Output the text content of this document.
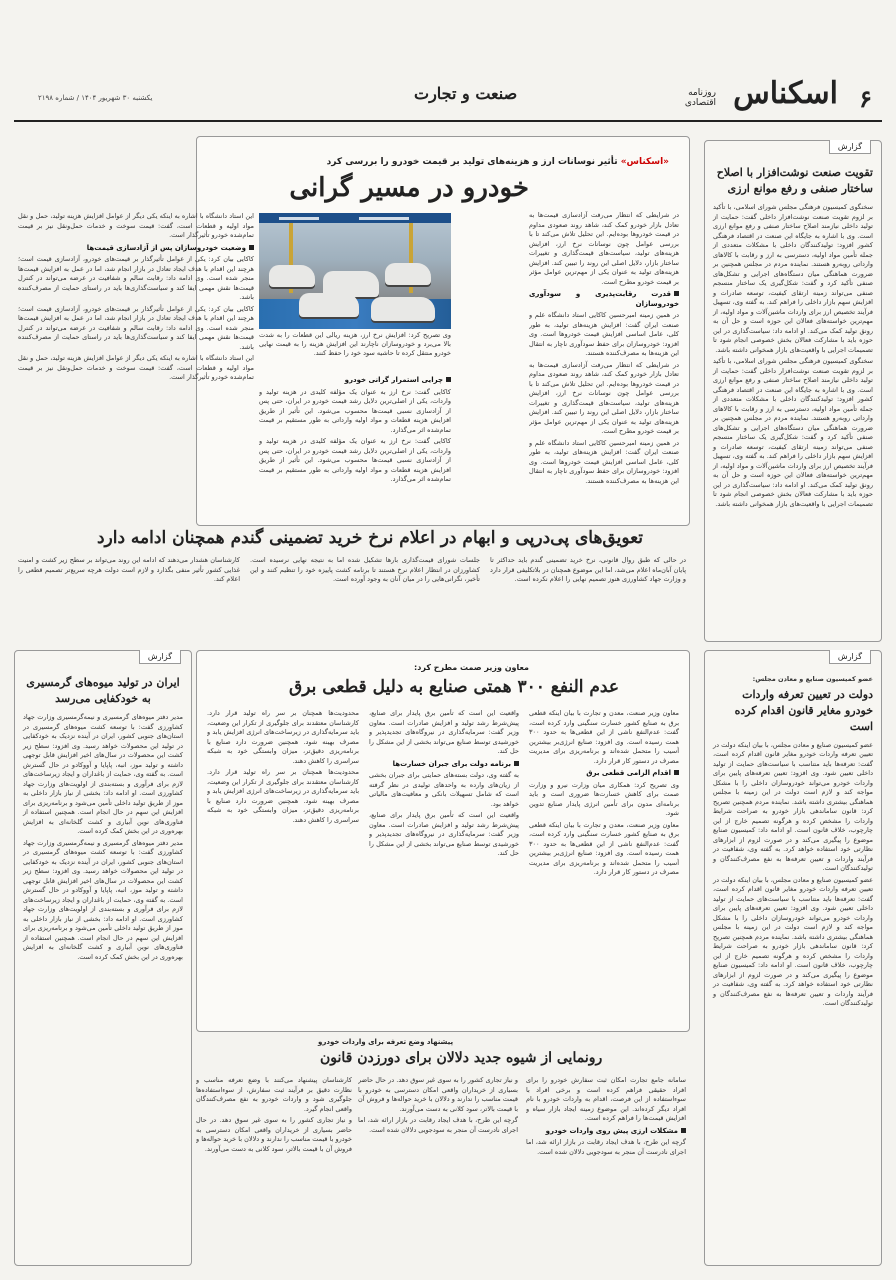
۶
اسکناس
روزنامه اقتصادی
صنعت و تجارت
یکشنبه ۳۰ شهریور ۱۴۰۴ / شماره ۲۱۹۸
گزارش
تقویت صنعت نوشت‌افزار با اصلاح ساختار صنفی و رفع موانع ارزی

سخنگوی کمیسیون فرهنگی مجلس شورای اسلامی، با تأکید بر لزوم تقویت صنعت نوشت‌افزار داخلی گفت: حمایت از تولید داخلی نیازمند اصلاح ساختار صنفی و رفع موانع ارزی است. وی با اشاره به جایگاه این صنعت در اقتصاد فرهنگی کشور افزود: تولیدکنندگان داخلی با مشکلات متعددی از جمله تأمین مواد اولیه، دسترسی به ارز و رقابت با کالاهای وارداتی روبه‌رو هستند. نماینده مردم در مجلس همچنین بر ضرورت هماهنگی میان دستگاه‌های اجرایی و تشکل‌های صنفی تأکید کرد و گفت: شکل‌گیری یک ساختار منسجم صنفی می‌تواند زمینه ارتقای کیفیت، توسعه صادرات و افزایش سهم بازار داخلی را فراهم کند. به گفته وی، تسهیل فرآیند تخصیص ارز برای واردات ماشین‌آلات و مواد اولیه، از مهم‌ترین خواسته‌های فعالان این حوزه است و حل آن به رونق تولید کمک می‌کند. او ادامه داد: سیاست‌گذاری در این حوزه باید با مشارکت فعالان بخش خصوصی انجام شود تا تصمیمات اجرایی با واقعیت‌های بازار همخوانی داشته باشد.

سخنگوی کمیسیون فرهنگی مجلس شورای اسلامی، با تأکید بر لزوم تقویت صنعت نوشت‌افزار داخلی گفت: حمایت از تولید داخلی نیازمند اصلاح ساختار صنفی و رفع موانع ارزی است. وی با اشاره به جایگاه این صنعت در اقتصاد فرهنگی کشور افزود: تولیدکنندگان داخلی با مشکلات متعددی از جمله تأمین مواد اولیه، دسترسی به ارز و رقابت با کالاهای وارداتی روبه‌رو هستند. نماینده مردم در مجلس همچنین بر ضرورت هماهنگی میان دستگاه‌های اجرایی و تشکل‌های صنفی تأکید کرد و گفت: شکل‌گیری یک ساختار منسجم صنفی می‌تواند زمینه ارتقای کیفیت، توسعه صادرات و افزایش سهم بازار داخلی را فراهم کند. به گفته وی، تسهیل فرآیند تخصیص ارز برای واردات ماشین‌آلات و مواد اولیه، از مهم‌ترین خواسته‌های فعالان این حوزه است و حل آن به رونق تولید کمک می‌کند. او ادامه داد: سیاست‌گذاری در این حوزه باید با مشارکت فعالان بخش خصوصی انجام شود تا تصمیمات اجرایی با واقعیت‌های بازار همخوانی داشته باشد.

«اسکناس» تأثیر نوسانات ارز و هزینه‌های تولید بر قیمت خودرو را بررسی کرد
خودرو در مسیر گرانی

در شرایطی که انتظار می‌رفت آزادسازی قیمت‌ها به تعادل بازار خودرو کمک کند، شاهد روند صعودی مداوم در قیمت خودروها بوده‌ایم. این تحلیل تلاش می‌کند تا با بررسی عوامل چون نوسانات نرخ ارز، افزایش هزینه‌های تولید، سیاست‌های قیمت‌گذاری و تغییرات ساختار بازار، دلایل اصلی این روند را تبیین کند. افزایش هزینه‌های تولید به عنوان یکی از مهم‌ترین عوامل مؤثر بر قیمت خودرو مطرح است.

قدرت رقابت‌پذیری و سودآوری خودروسازان

در همین زمینه امیرحسین کاکایی استاد دانشگاه علم و صنعت ایران گفت: افزایش هزینه‌های تولید، به طور کلی، عامل اساسی افزایش قیمت خودروها است. وی افزود: خودروسازان برای حفظ سودآوری ناچار به انتقال این هزینه‌ها به مصرف‌کننده هستند.

در شرایطی که انتظار می‌رفت آزادسازی قیمت‌ها به تعادل بازار خودرو کمک کند، شاهد روند صعودی مداوم در قیمت خودروها بوده‌ایم. این تحلیل تلاش می‌کند تا با بررسی عوامل چون نوسانات نرخ ارز، افزایش هزینه‌های تولید، سیاست‌های قیمت‌گذاری و تغییرات ساختار بازار، دلایل اصلی این روند را تبیین کند. افزایش هزینه‌های تولید به عنوان یکی از مهم‌ترین عوامل مؤثر بر قیمت خودرو مطرح است.

در همین زمینه امیرحسین کاکایی استاد دانشگاه علم و صنعت ایران گفت: افزایش هزینه‌های تولید، به طور کلی، عامل اساسی افزایش قیمت خودروها است. وی افزود: خودروسازان برای حفظ سودآوری ناچار به انتقال این هزینه‌ها به مصرف‌کننده هستند.

وی تصریح کرد: افزایش نرخ ارز، هزینه ریالی این قطعات را به شدت بالا می‌برد و خودروسازان ناچارند این افزایش هزینه را به قیمت نهایی خودرو منتقل کرده تا حاشیه سود خود را حفظ کنند.

چرایی استمرار گرانی خودرو

کاکایی گفت: نرخ ارز به عنوان یک مؤلفه کلیدی در هزینه تولید و واردات، یکی از اصلی‌ترین دلایل رشد قیمت خودرو در ایران، حتی پس از آزادسازی نسبی قیمت‌ها محسوب می‌شود. این تأثیر از طریق افزایش هزینه قطعات و مواد اولیه وارداتی به طور مستقیم بر قیمت تمام‌شده اثر می‌گذارد.

کاکایی گفت: نرخ ارز به عنوان یک مؤلفه کلیدی در هزینه تولید و واردات، یکی از اصلی‌ترین دلایل رشد قیمت خودرو در ایران، حتی پس از آزادسازی نسبی قیمت‌ها محسوب می‌شود. این تأثیر از طریق افزایش هزینه قطعات و مواد اولیه وارداتی به طور مستقیم بر قیمت تمام‌شده اثر می‌گذارد.

این استاد دانشگاه با اشاره به اینکه یکی دیگر از عوامل افزایش هزینه تولید، حمل و نقل مواد اولیه و قطعات است، گفت: قیمت سوخت و خدمات حمل‌ونقل نیز بر قیمت تمام‌شده خودرو تأثیرگذار است.

وضعیت خودروسازان پس از آزادسازی قیمت‌ها

کاکایی بیان کرد: یکی از عوامل تأثیرگذار بر قیمت‌های خودرو، آزادسازی قیمت است؛ هرچند این اقدام با هدف ایجاد تعادل در بازار انجام شد، اما در عمل به افزایش قیمت‌ها منجر شده است. وی ادامه داد: رقابت سالم و شفافیت در عرضه می‌تواند در کنترل قیمت‌ها نقش مهمی ایفا کند و سیاست‌گذاری‌ها باید در راستای حمایت از مصرف‌کننده باشد.

کاکایی بیان کرد: یکی از عوامل تأثیرگذار بر قیمت‌های خودرو، آزادسازی قیمت است؛ هرچند این اقدام با هدف ایجاد تعادل در بازار انجام شد، اما در عمل به افزایش قیمت‌ها منجر شده است. وی ادامه داد: رقابت سالم و شفافیت در عرضه می‌تواند در کنترل قیمت‌ها نقش مهمی ایفا کند و سیاست‌گذاری‌ها باید در راستای حمایت از مصرف‌کننده باشد.

این استاد دانشگاه با اشاره به اینکه یکی دیگر از عوامل افزایش هزینه تولید، حمل و نقل مواد اولیه و قطعات است، گفت: قیمت سوخت و خدمات حمل‌ونقل نیز بر قیمت تمام‌شده خودرو تأثیرگذار است.

تعویق‌های پی‌درپی و ابهام در اعلام نرخ خرید تضمینی گندم همچنان ادامه دارد

در حالی که طبق روال قانونی، نرخ خرید تضمینی گندم باید حداکثر تا پایان آبان‌ماه اعلام می‌شد، اما این موضوع همچنان در بلاتکلیفی قرار دارد و وزارت جهاد کشاورزی هنوز تصمیم نهایی را اعلام نکرده است.

جلسات شورای قیمت‌گذاری بارها تشکیل شده اما به نتیجه نهایی نرسیده است. کشاورزان در انتظار اعلام نرخ هستند تا برنامه کشت پاییزه خود را تنظیم کنند و این تأخیر، نگرانی‌هایی را در میان آنان به وجود آورده است.

کارشناسان هشدار می‌دهند که ادامه این روند می‌تواند بر سطح زیر کشت و امنیت غذایی کشور تأثیر منفی بگذارد و لازم است دولت هرچه سریع‌تر تصمیم قطعی را اعلام کند.

گزارش
عضو کمیسیون صنایع و معادن مجلس:
دولت در تعیین تعرفه واردات خودرو مغایر قانون اقدام کرده است

عضو کمیسیون صنایع و معادن مجلس، با بیان اینکه دولت در تعیین تعرفه واردات خودرو مغایر قانون اقدام کرده است، گفت: تعرفه‌ها باید متناسب با سیاست‌های حمایت از تولید داخلی تعیین شود. وی افزود: تعیین تعرفه‌های پایین برای واردات خودرو می‌تواند خودروسازان داخلی را با مشکل مواجه کند و لازم است دولت در این زمینه با مجلس هماهنگی بیشتری داشته باشد. نماینده مردم همچنین تصریح کرد: قانون ساماندهی بازار خودرو به صراحت شرایط واردات را مشخص کرده و هرگونه تصمیم خارج از این چارچوب، خلاف قانون است. او ادامه داد: کمیسیون صنایع موضوع را پیگیری می‌کند و در صورت لزوم از ابزارهای نظارتی خود استفاده خواهد کرد. به گفته وی، شفافیت در فرآیند واردات و تعیین تعرفه‌ها به نفع مصرف‌کنندگان و تولیدکنندگان است.

عضو کمیسیون صنایع و معادن مجلس، با بیان اینکه دولت در تعیین تعرفه واردات خودرو مغایر قانون اقدام کرده است، گفت: تعرفه‌ها باید متناسب با سیاست‌های حمایت از تولید داخلی تعیین شود. وی افزود: تعیین تعرفه‌های پایین برای واردات خودرو می‌تواند خودروسازان داخلی را با مشکل مواجه کند و لازم است دولت در این زمینه با مجلس هماهنگی بیشتری داشته باشد. نماینده مردم همچنین تصریح کرد: قانون ساماندهی بازار خودرو به صراحت شرایط واردات را مشخص کرده و هرگونه تصمیم خارج از این چارچوب، خلاف قانون است. او ادامه داد: کمیسیون صنایع موضوع را پیگیری می‌کند و در صورت لزوم از ابزارهای نظارتی خود استفاده خواهد کرد. به گفته وی، شفافیت در فرآیند واردات و تعیین تعرفه‌ها به نفع مصرف‌کنندگان و تولیدکنندگان است.

معاون وزیر صمت مطرح کرد:
عدم النفع ۳۰۰ همتی صنایع به دلیل قطعی برق

معاون وزیر صنعت، معدن و تجارت با بیان اینکه قطعی برق به صنایع کشور خسارت سنگینی وارد کرده است، گفت: عدم‌النفع ناشی از این قطعی‌ها به حدود ۳۰۰ همت رسیده است. وی افزود: صنایع انرژی‌بر بیشترین آسیب را متحمل شده‌اند و برنامه‌ریزی برای مدیریت مصرف در دستور کار قرار دارد.

اقدام الزامی قطعی برق

وی تصریح کرد: همکاری میان وزارت نیرو و وزارت صمت برای کاهش خسارت‌ها ضروری است و باید برنامه‌ای مدون برای تأمین انرژی پایدار صنایع تدوین شود.

معاون وزیر صنعت، معدن و تجارت با بیان اینکه قطعی برق به صنایع کشور خسارت سنگینی وارد کرده است، گفت: عدم‌النفع ناشی از این قطعی‌ها به حدود ۳۰۰ همت رسیده است. وی افزود: صنایع انرژی‌بر بیشترین آسیب را متحمل شده‌اند و برنامه‌ریزی برای مدیریت مصرف در دستور کار قرار دارد.

واقعیت این است که تأمین برق پایدار برای صنایع، پیش‌شرط رشد تولید و افزایش صادرات است. معاون وزیر گفت: سرمایه‌گذاری در نیروگاه‌های تجدیدپذیر و خورشیدی توسط صنایع می‌تواند بخشی از این مشکل را حل کند.

برنامه دولت برای جبران خسارت‌ها

به گفته وی، دولت بسته‌های حمایتی برای جبران بخشی از زیان‌های وارده به واحدهای تولیدی در نظر گرفته است که شامل تسهیلات بانکی و معافیت‌های مالیاتی خواهد بود.

واقعیت این است که تأمین برق پایدار برای صنایع، پیش‌شرط رشد تولید و افزایش صادرات است. معاون وزیر گفت: سرمایه‌گذاری در نیروگاه‌های تجدیدپذیر و خورشیدی توسط صنایع می‌تواند بخشی از این مشکل را حل کند.

محدودیت‌ها همچنان بر سر راه تولید قرار دارد. کارشناسان معتقدند برای جلوگیری از تکرار این وضعیت، باید سرمایه‌گذاری در زیرساخت‌های انرژی افزایش یابد و مصرف بهینه شود. همچنین ضرورت دارد صنایع با برنامه‌ریزی دقیق‌تر، میزان وابستگی خود به شبکه سراسری را کاهش دهند.

محدودیت‌ها همچنان بر سر راه تولید قرار دارد. کارشناسان معتقدند برای جلوگیری از تکرار این وضعیت، باید سرمایه‌گذاری در زیرساخت‌های انرژی افزایش یابد و مصرف بهینه شود. همچنین ضرورت دارد صنایع با برنامه‌ریزی دقیق‌تر، میزان وابستگی خود به شبکه سراسری را کاهش دهند.

گزارش
ایران در تولید میوه‌های گرمسیری به خودکفایی می‌رسد

مدیر دفتر میوه‌های گرمسیری و نیمه‌گرمسیری وزارت جهاد کشاورزی گفت: با توسعه کشت میوه‌های گرمسیری در استان‌های جنوبی کشور، ایران در آینده نزدیک به خودکفایی در تولید این محصولات خواهد رسید. وی افزود: سطح زیر کشت این محصولات در سال‌های اخیر افزایش قابل توجهی داشته و تولید موز، انبه، پاپایا و آووکادو در حال گسترش است. به گفته وی، حمایت از باغداران و ایجاد زیرساخت‌های لازم برای فرآوری و بسته‌بندی از اولویت‌های وزارت جهاد کشاورزی است. او ادامه داد: بخشی از نیاز بازار داخلی به موز از طریق تولید داخلی تأمین می‌شود و برنامه‌ریزی برای افزایش این سهم در حال انجام است. همچنین استفاده از فناوری‌های نوین آبیاری و کشت گلخانه‌ای به افزایش بهره‌وری در این بخش کمک کرده است.

مدیر دفتر میوه‌های گرمسیری و نیمه‌گرمسیری وزارت جهاد کشاورزی گفت: با توسعه کشت میوه‌های گرمسیری در استان‌های جنوبی کشور، ایران در آینده نزدیک به خودکفایی در تولید این محصولات خواهد رسید. وی افزود: سطح زیر کشت این محصولات در سال‌های اخیر افزایش قابل توجهی داشته و تولید موز، انبه، پاپایا و آووکادو در حال گسترش است. به گفته وی، حمایت از باغداران و ایجاد زیرساخت‌های لازم برای فرآوری و بسته‌بندی از اولویت‌های وزارت جهاد کشاورزی است. او ادامه داد: بخشی از نیاز بازار داخلی به موز از طریق تولید داخلی تأمین می‌شود و برنامه‌ریزی برای افزایش این سهم در حال انجام است. همچنین استفاده از فناوری‌های نوین آبیاری و کشت گلخانه‌ای به افزایش بهره‌وری در این بخش کمک کرده است.

پیشنهاد وضع تعرفه برای واردات خودرو
رونمایی از شیوه جدید دلالان برای دورزدن قانون

سامانه جامع تجارت امکان ثبت سفارش خودرو را برای افراد حقیقی فراهم کرده است و برخی افراد با سوءاستفاده از این فرصت، اقدام به واردات خودرو با نام افراد دیگر کرده‌اند. این موضوع زمینه ایجاد بازار سیاه و افزایش قیمت‌ها را فراهم کرده است.

مشکلات ارزی پیش روی واردات خودرو

گرچه این طرح، با هدف ایجاد رقابت در بازار ارائه شد، اما اجرای نادرست آن منجر به سودجویی دلالان شده است.

و نیاز تجاری کشور را به سوی غیر سوق دهد. در حال حاضر بسیاری از خریداران واقعی امکان دسترسی به خودرو با قیمت مناسب را ندارند و دلالان با خرید حواله‌ها و فروش آن با قیمت بالاتر، سود کلانی به دست می‌آورند.

گرچه این طرح، با هدف ایجاد رقابت در بازار ارائه شد، اما اجرای نادرست آن منجر به سودجویی دلالان شده است.

کارشناسان پیشنهاد می‌کنند با وضع تعرفه مناسب و نظارت دقیق بر فرآیند ثبت سفارش، از سوءاستفاده‌ها جلوگیری شود و واردات خودرو به نفع مصرف‌کنندگان واقعی انجام گیرد.

و نیاز تجاری کشور را به سوی غیر سوق دهد. در حال حاضر بسیاری از خریداران واقعی امکان دسترسی به خودرو با قیمت مناسب را ندارند و دلالان با خرید حواله‌ها و فروش آن با قیمت بالاتر، سود کلانی به دست می‌آورند.
